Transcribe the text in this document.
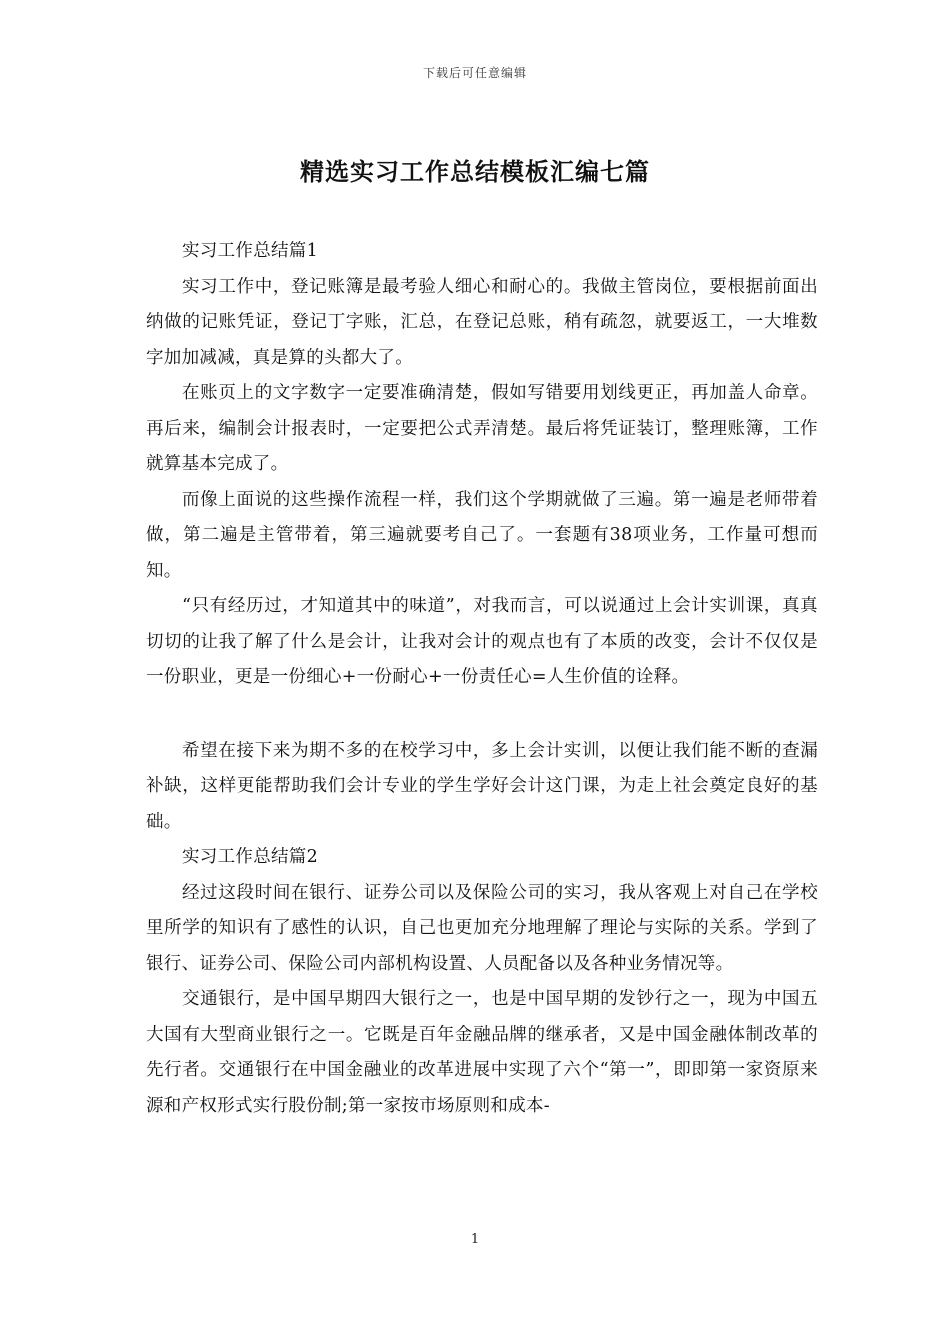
下载后可任意编辑
精选实习工作总结模板汇编七篇

实习工作总结篇1

实习工作中，登记账簿是最考验人细心和耐心的。我做主管岗位，要根据前面出纳做的记账凭证，登记丁字账，汇总，在登记总账，稍有疏忽，就要返工，一大堆数字加加减减，真是算的头都大了。

在账页上的文字数字一定要准确清楚，假如写错要用划线更正，再加盖人命章。再后来，编制会计报表时，一定要把公式弄清楚。最后将凭证装订，整理账簿，工作就算基本完成了。

而像上面说的这些操作流程一样，我们这个学期就做了三遍。第一遍是老师带着做，第二遍是主管带着，第三遍就要考自己了。一套题有38项业务，工作量可想而知。

“只有经历过，才知道其中的味道”，对我而言，可以说通过上会计实训课，真真切切的让我了解了什么是会计，让我对会计的观点也有了本质的改变，会计不仅仅是一份职业，更是一份细心+一份耐心+一份责任心=人生价值的诠释。

希望在接下来为期不多的在校学习中，多上会计实训，以便让我们能不断的查漏补缺，这样更能帮助我们会计专业的学生学好会计这门课，为走上社会奠定良好的基础。

实习工作总结篇2

经过这段时间在银行、证券公司以及保险公司的实习，我从客观上对自己在学校里所学的知识有了感性的认识，自己也更加充分地理解了理论与实际的关系。学到了银行、证券公司、保险公司内部机构设置、人员配备以及各种业务情况等。

交通银行，是中国早期四大银行之一，也是中国早期的发钞行之一，现为中国五大国有大型商业银行之一。它既是百年金融品牌的继承者，又是中国金融体制改革的先行者。交通银行在中国金融业的改革进展中实现了六个“第一”，即即第一家资原来源和产权形式实行股份制;第一家按市场原则和成本-

1
